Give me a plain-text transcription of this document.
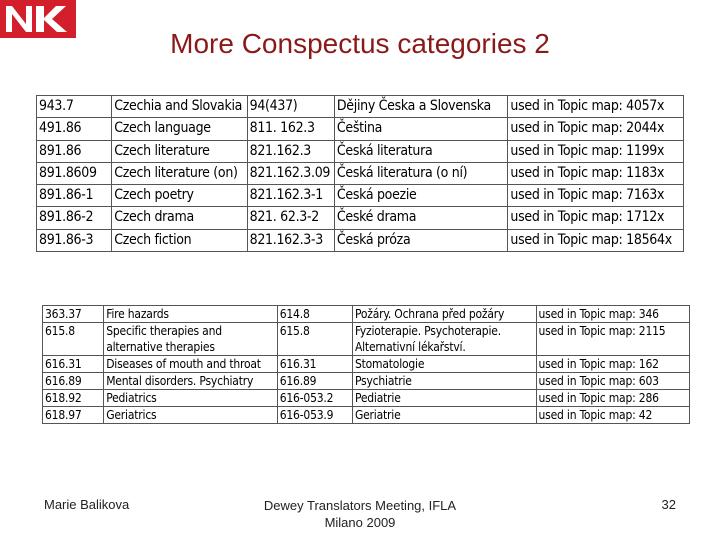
More Conspectus categories 2
943.7	Czechia and Slovakia	94(437)	Dějiny Česka a Slovenska	used in Topic map: 4057x
491.86	Czech language	811. 162.3	Čeština	used in Topic map: 2044x
891.86	Czech literature	821.162.3	Česká literatura	used in Topic map: 1199x
891.8609	Czech literature (on)	821.162.3.09	Česká literatura (o ní)	used in Topic map: 1183x
891.86-1	Czech poetry	821.162.3-1	Česká poezie	used in Topic map: 7163x
891.86-2	Czech drama	821. 62.3-2	České drama	used in Topic map: 1712x
891.86-3	Czech fiction	821.162.3-3	Česká próza	used in Topic map: 18564x
363.37	Fire hazards	614.8	Požáry. Ochrana před požáry	used in Topic map: 346
615.8	Specific therapies and alternative therapies	615.8	Fyzioterapie. Psychoterapie. Alternativní lékařství.	used in Topic map: 2115
616.31	Diseases of mouth and throat	616.31	Stomatologie	used in Topic map: 162
616.89	Mental disorders. Psychiatry	616.89	Psychiatrie	used in Topic map: 603
618.92	Pediatrics	616-053.2	Pediatrie	used in Topic map: 286
618.97	Geriatrics	616-053.9	Geriatrie	used in Topic map: 42
Marie Balikova	Dewey Translators Meeting, IFLA
Milano 2009
32
